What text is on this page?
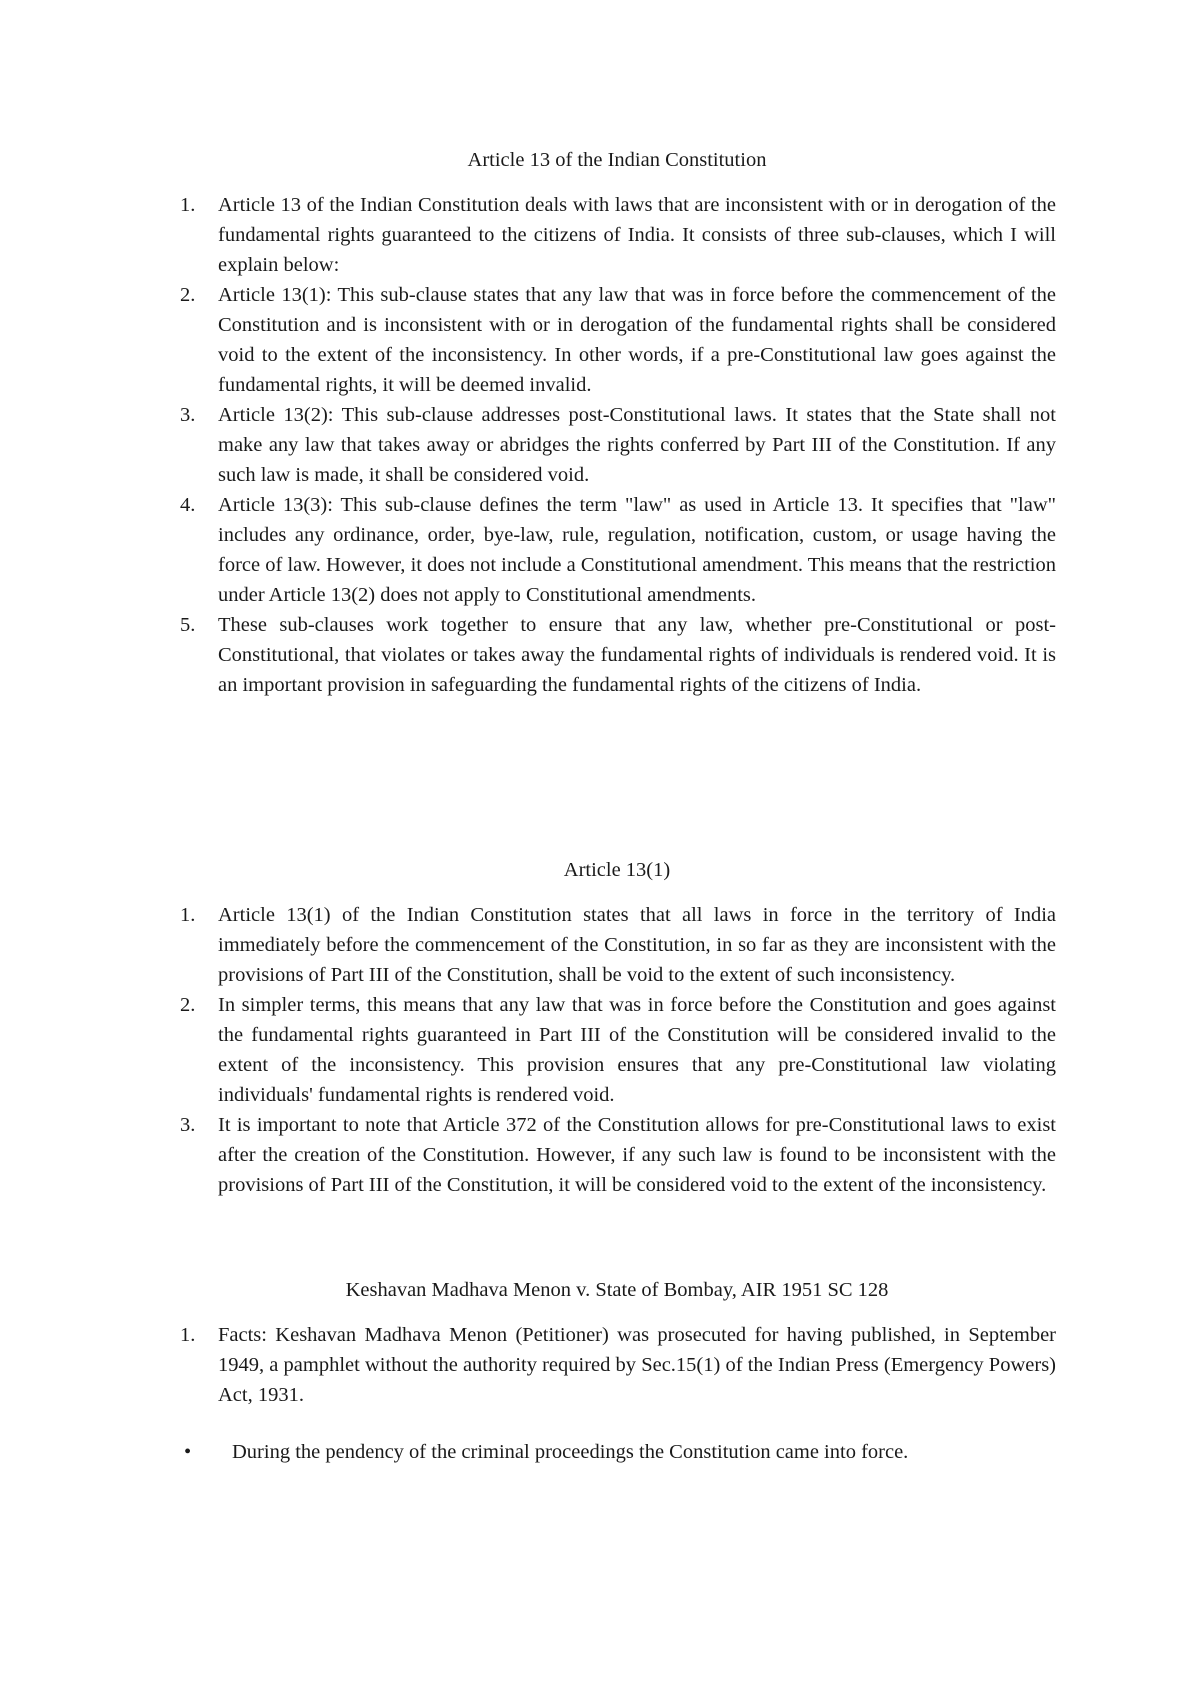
Article 13 of the Indian Constitution

1. Article 13 of the Indian Constitution deals with laws that are inconsistent with or in derogation of the fundamental rights guaranteed to the citizens of India. It consists of three sub-clauses, which I will explain below:
2. Article 13(1): This sub-clause states that any law that was in force before the commencement of the Constitution and is inconsistent with or in derogation of the fundamental rights shall be considered void to the extent of the inconsistency. In other words, if a pre-Constitutional law goes against the fundamental rights, it will be deemed invalid.
3. Article 13(2): This sub-clause addresses post-Constitutional laws. It states that the State shall not make any law that takes away or abridges the rights conferred by Part III of the Constitution. If any such law is made, it shall be considered void.
4. Article 13(3): This sub-clause defines the term "law" as used in Article 13. It specifies that "law" includes any ordinance, order, bye-law, rule, regulation, notification, custom, or usage having the force of law. However, it does not include a Constitutional amendment. This means that the restriction under Article 13(2) does not apply to Constitutional amendments.
5. These sub-clauses work together to ensure that any law, whether pre-Constitutional or post-Constitutional, that violates or takes away the fundamental rights of individuals is rendered void. It is an important provision in safeguarding the fundamental rights of the citizens of India.

Article 13(1)

1. Article 13(1) of the Indian Constitution states that all laws in force in the territory of India immediately before the commencement of the Constitution, in so far as they are inconsistent with the provisions of Part III of the Constitution, shall be void to the extent of such inconsistency.
2. In simpler terms, this means that any law that was in force before the Constitution and goes against the fundamental rights guaranteed in Part III of the Constitution will be considered invalid to the extent of the inconsistency. This provision ensures that any pre-Constitutional law violating individuals' fundamental rights is rendered void.
3. It is important to note that Article 372 of the Constitution allows for pre-Constitutional laws to exist after the creation of the Constitution. However, if any such law is found to be inconsistent with the provisions of Part III of the Constitution, it will be considered void to the extent of the inconsistency.

Keshavan Madhava Menon v. State of Bombay, AIR 1951 SC 128

1. Facts: Keshavan Madhava Menon (Petitioner) was prosecuted for having published, in September 1949, a pamphlet without the authority required by Sec.15(1) of the Indian Press (Emergency Powers) Act, 1931.
• During the pendency of the criminal proceedings the Constitution came into force.
